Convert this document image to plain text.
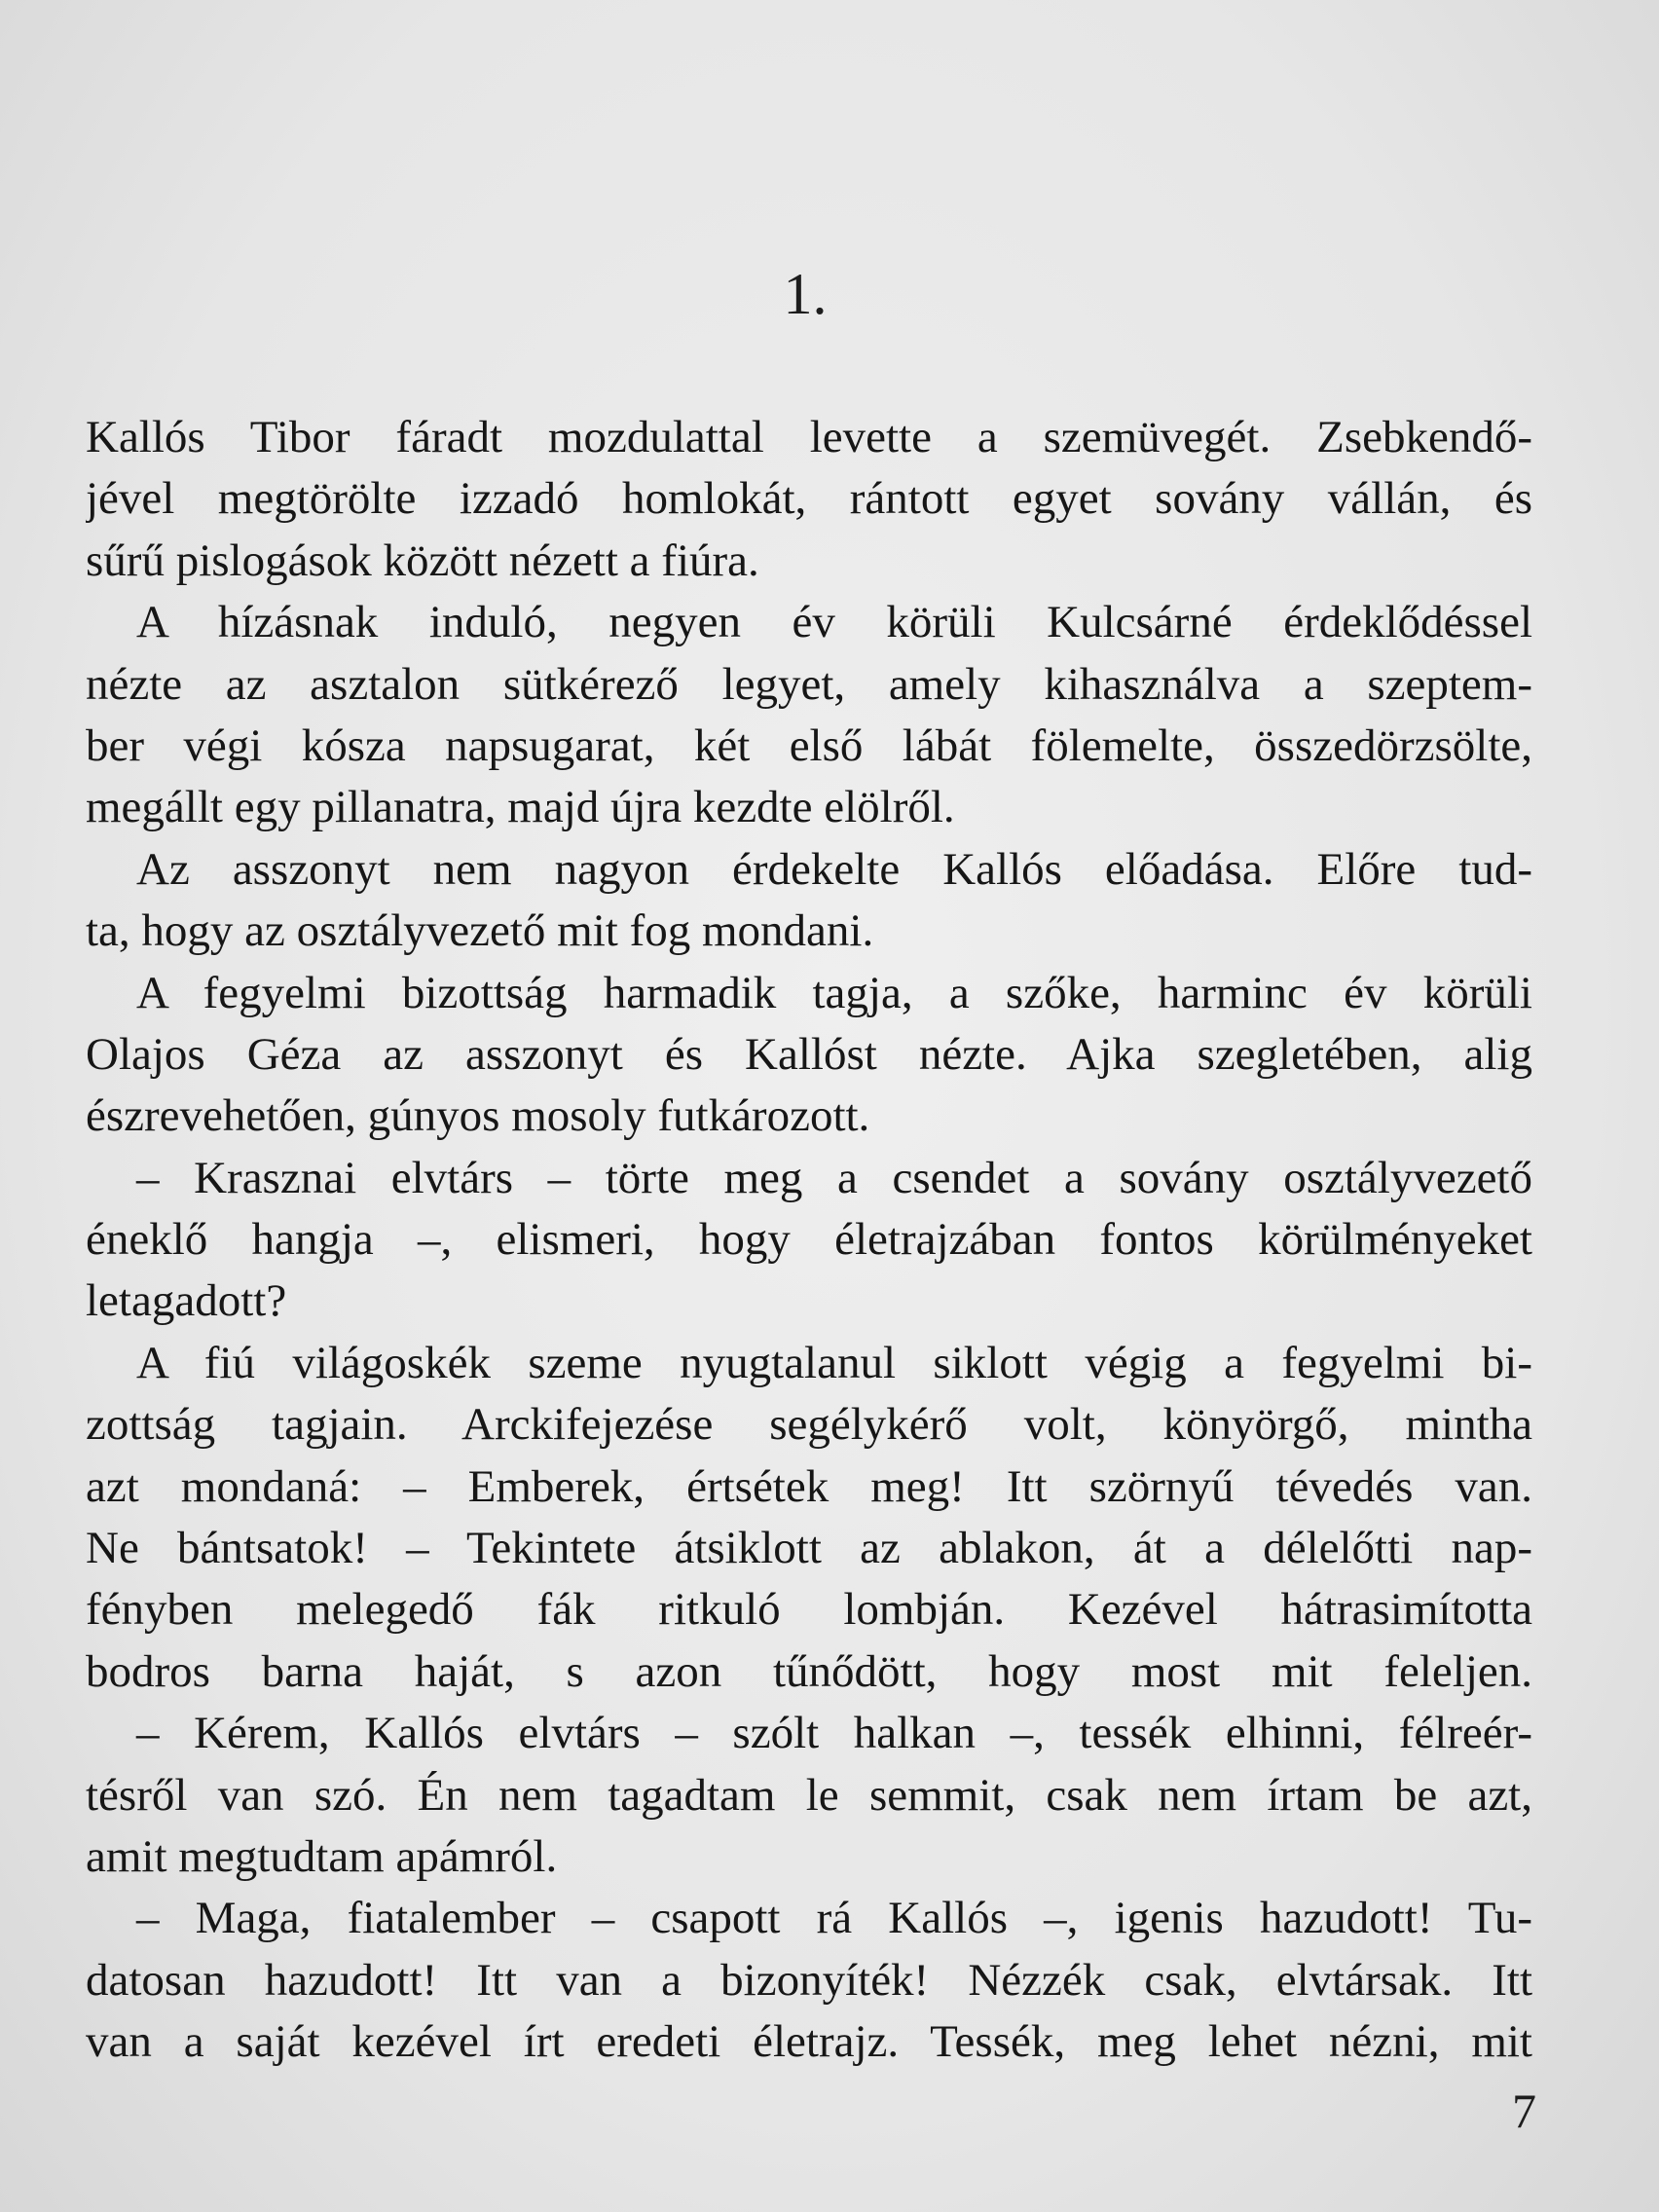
1.
Kallós Tibor fáradt mozdulattal levette a szemüvegét. Zsebkendő-
jével megtörölte izzadó homlokát, rántott egyet sovány vállán, és
sűrű pislogások között nézett a fiúra.
A hízásnak induló, negyen év körüli Kulcsárné érdeklődéssel
nézte az asztalon sütkérező legyet, amely kihasználva a szeptem-
ber végi kósza napsugarat, két első lábát fölemelte, összedörzsölte,
megállt egy pillanatra, majd újra kezdte elölről.
Az asszonyt nem nagyon érdekelte Kallós előadása. Előre tud-
ta, hogy az osztályvezető mit fog mondani.
A fegyelmi bizottság harmadik tagja, a szőke, harminc év körüli
Olajos Géza az asszonyt és Kallóst nézte. Ajka szegletében, alig
észrevehetően, gúnyos mosoly futkározott.
– Krasznai elvtárs – törte meg a csendet a sovány osztályvezető
éneklő hangja –, elismeri, hogy életrajzában fontos körülményeket
letagadott?
A fiú világoskék szeme nyugtalanul siklott végig a fegyelmi bi-
zottság tagjain. Arckifejezése segélykérő volt, könyörgő, mintha
azt mondaná: – Emberek, értsétek meg! Itt szörnyű tévedés van.
Ne bántsatok! – Tekintete átsiklott az ablakon, át a délelőtti nap-
fényben melegedő fák ritkuló lombján. Kezével hátrasimította
bodros barna haját, s azon tűnődött, hogy most mit feleljen.
– Kérem, Kallós elvtárs – szólt halkan –, tessék elhinni, félreér-
tésről van szó. Én nem tagadtam le semmit, csak nem írtam be azt,
amit megtudtam apámról.
– Maga, fiatalember – csapott rá Kallós –, igenis hazudott! Tu-
datosan hazudott! Itt van a bizonyíték! Nézzék csak, elvtársak. Itt
van a saját kezével írt eredeti életrajz. Tessék, meg lehet nézni, mit
7
